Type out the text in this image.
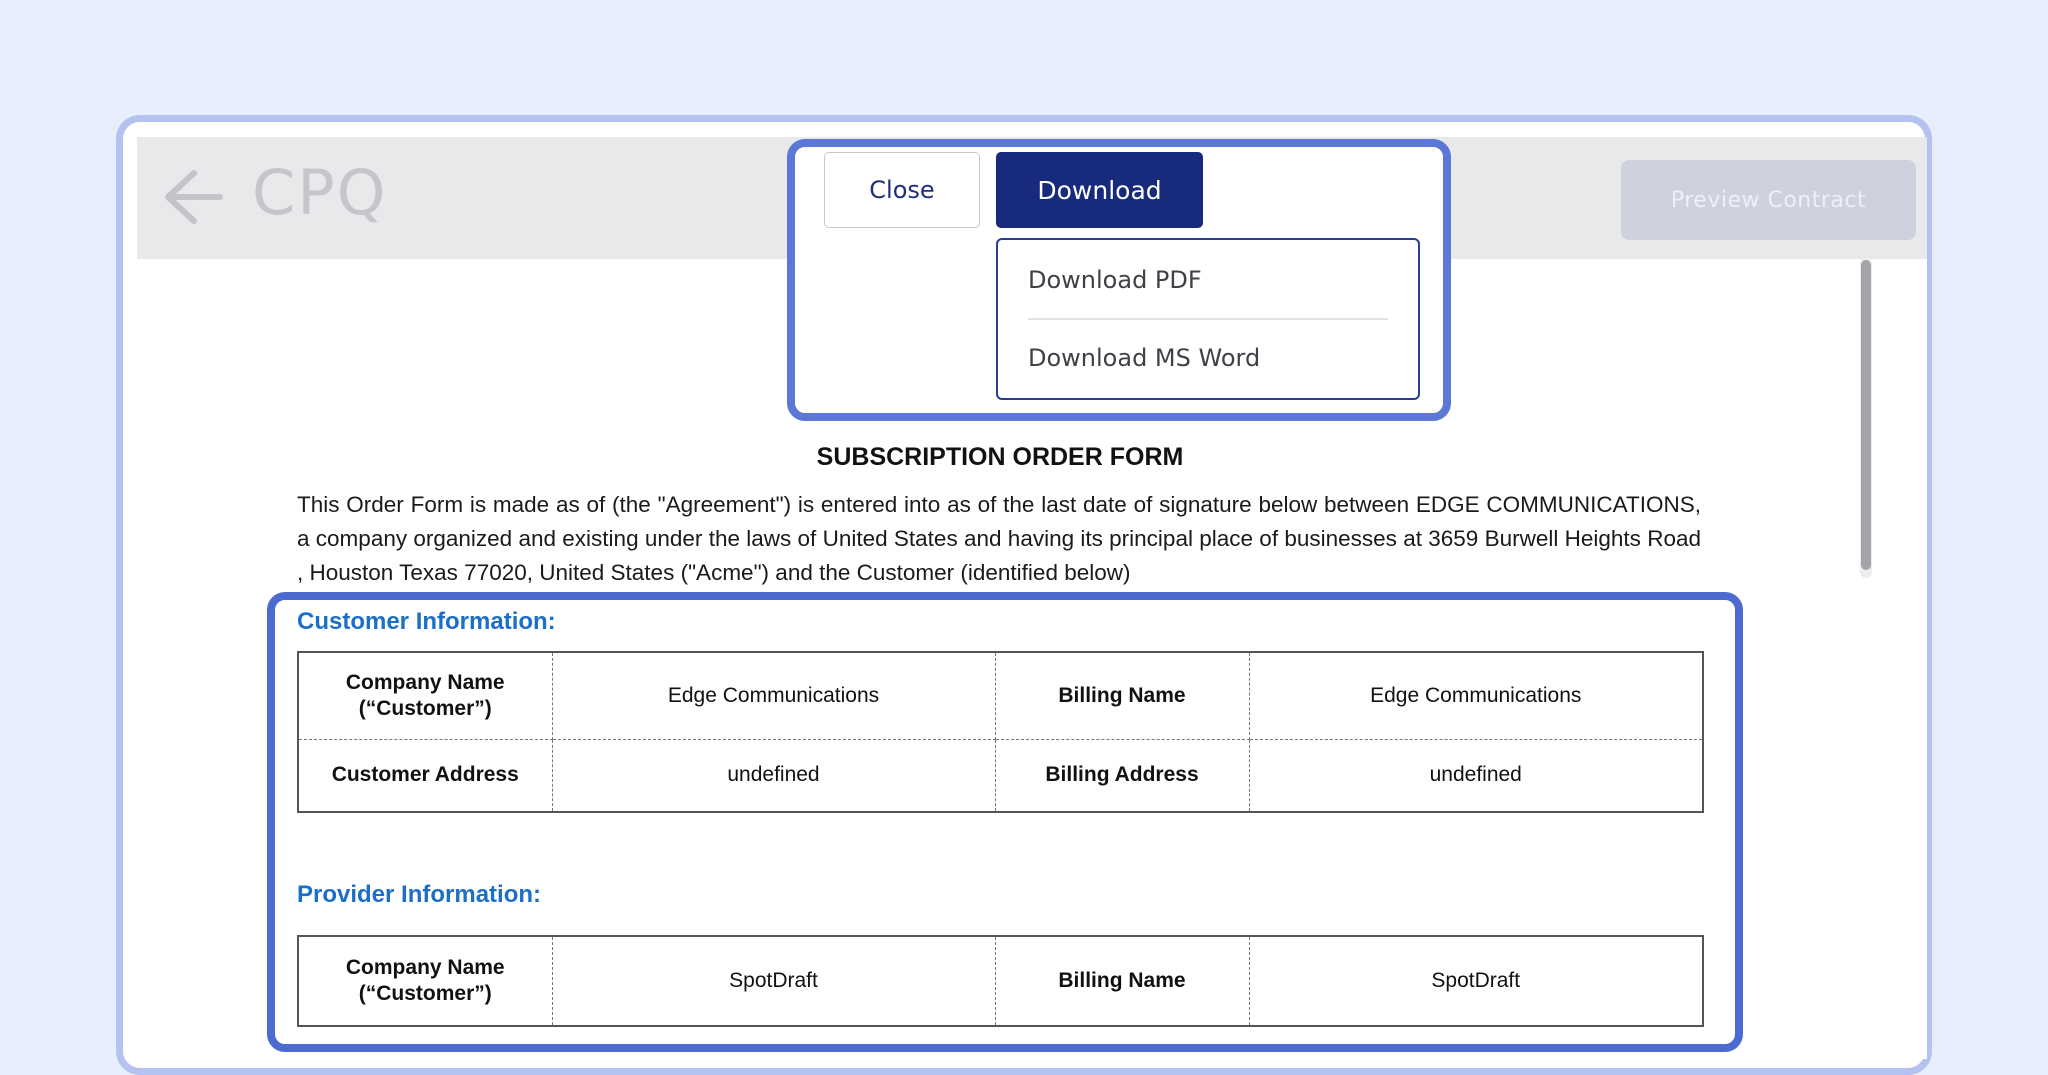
CPQ	Preview Contract
Close	Download
Download PDF
Download MS Word
SUBSCRIPTION ORDER FORM
This Order Form is made as of (the "Agreement") is entered into as of the last date of signature below between EDGE COMMUNICATIONS, a company organized and existing under the laws of United States and having its principal place of businesses at 3659 Burwell Heights Road , Houston Texas 77020, United States ("Acme") and the Customer (identified below)
Customer Information:
Company Name (“Customer”)	Edge Communications	Billing Name	Edge Communications
Customer Address	undefined	Billing Address	undefined
Provider Information:
Company Name (“Customer”)	SpotDraft	Billing Name	SpotDraft
